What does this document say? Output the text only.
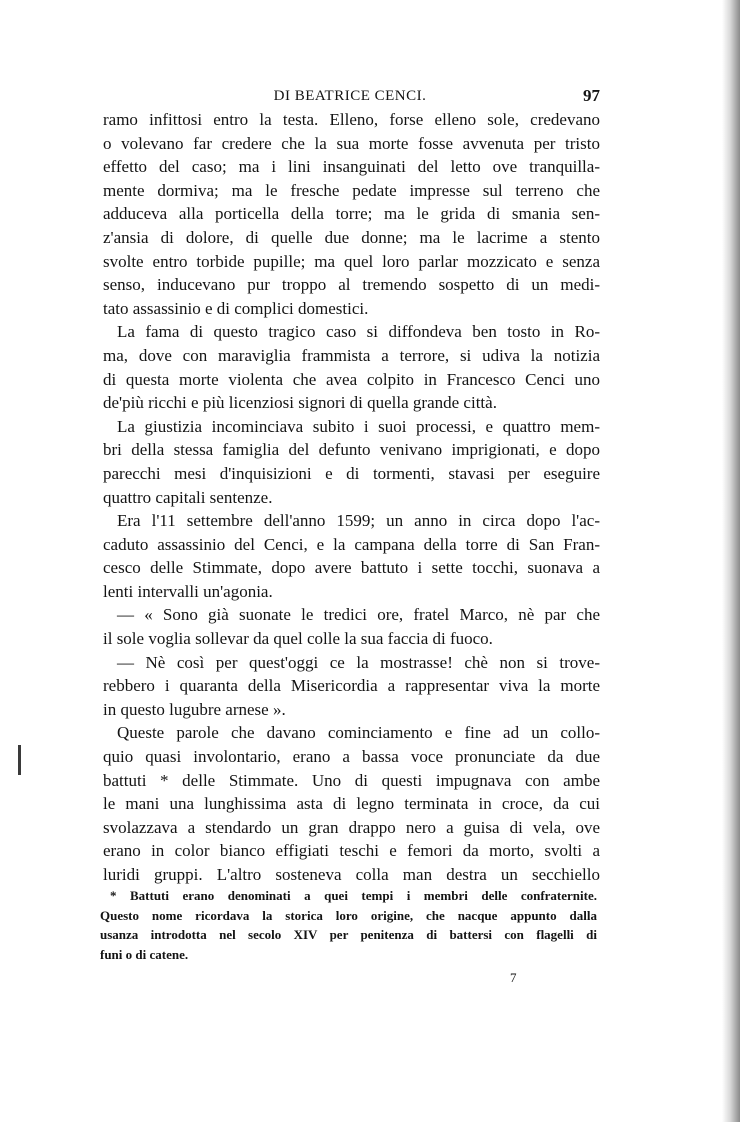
DI BEATRICE CENCI.	97
ramo infittosi entro la testa. Elleno, forse elleno sole, credevano
o volevano far credere che la sua morte fosse avvenuta per tristo
effetto del caso; ma i lini insanguinati del letto ove tranquilla-
mente dormiva; ma le fresche pedate impresse sul terreno che
adduceva alla porticella della torre; ma le grida di smania sen-
z'ansia di dolore, di quelle due donne; ma le lacrime a stento
svolte entro torbide pupille; ma quel loro parlar mozzicato e senza
senso, inducevano pur troppo al tremendo sospetto di un medi-
tato assassinio e di complici domestici.
La fama di questo tragico caso si diffondeva ben tosto in Ro-
ma, dove con maraviglia frammista a terrore, si udiva la notizia
di questa morte violenta che avea colpito in Francesco Cenci uno
de'più ricchi e più licenziosi signori di quella grande città.
La giustizia incominciava subito i suoi processi, e quattro mem-
bri della stessa famiglia del defunto venivano imprigionati, e dopo
parecchi mesi d'inquisizioni e di tormenti, stavasi per eseguire
quattro capitali sentenze.
Era l'11 settembre dell'anno 1599; un anno in circa dopo l'ac-
caduto assassinio del Cenci, e la campana della torre di San Fran-
cesco delle Stimmate, dopo avere battuto i sette tocchi, suonava a
lenti intervalli un'agonia.
— « Sono già suonate le tredici ore, fratel Marco, nè par che
il sole voglia sollevar da quel colle la sua faccia di fuoco.
— Nè così per quest'oggi ce la mostrasse! chè non si trove-
rebbero i quaranta della Misericordia a rappresentar viva la morte
in questo lugubre arnese ».
Queste parole che davano cominciamento e fine ad un collo-
quio quasi involontario, erano a bassa voce pronunciate da due
battuti * delle Stimmate. Uno di questi impugnava con ambe
le mani una lunghissima asta di legno terminata in croce, da cui
svolazzava a stendardo un gran drappo nero a guisa di vela, ove
erano in color bianco effigiati teschi e femori da morto, svolti a
luridi gruppi. L'altro sosteneva colla man destra un secchiello
* Battuti erano denominati a quei tempi i membri delle confraternite.
Questo nome ricordava la storica loro origine, che nacque appunto dalla
usanza introdotta nel secolo XIV per penitenza di battersi con flagelli di
funi o di catene.
7
